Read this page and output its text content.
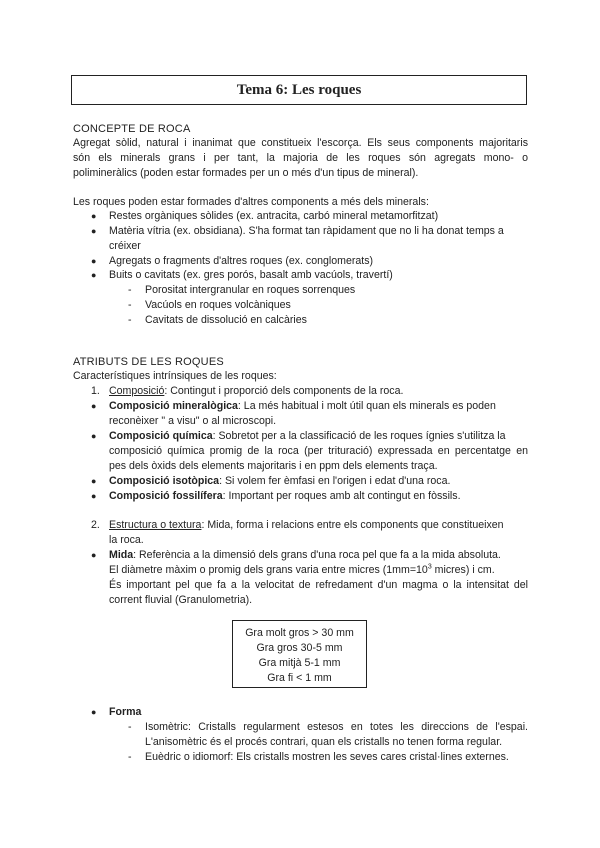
Tema 6: Les roques
CONCEPTE DE ROCA
Agregat sòlid, natural i inanimat que constitueix l'escorça. Els seus components majoritaris
són els minerals grans i per tant, la majoria de les roques són agregats mono- o
polimineràlics (poden estar formades per un o més d'un tipus de mineral).
Les roques poden estar formades d'altres components a més dels minerals:
● Restes orgàniques sòlides (ex. antracita, carbó mineral metamorfitzat)
● Matèria vítria (ex. obsidiana). S'ha format tan ràpidament que no li ha donat temps a
créixer
● Agregats o fragments d'altres roques (ex. conglomerats)
● Buits o cavitats (ex. gres porós, basalt amb vacúols, travertí)
- Porositat intergranular en roques sorrenques
- Vacúols en roques volcàniques
- Cavitats de dissolució en calcàries
ATRIBUTS DE LES ROQUES
Característiques intrínsiques de les roques:
1. Composició: Contingut i proporció dels components de la roca.
● Composició mineralògica: La més habitual i molt útil quan els minerals es poden
reconèixer " a visu" o al microscopi.
● Composició química: Sobretot per a la classificació de les roques ígnies s'utilitza la
composició química promig de la roca (per trituració) expressada en percentatge en
pes dels òxids dels elements majoritaris i en ppm dels elements traça.
● Composició isotòpica: Si volem fer èmfasi en l'origen i edat d'una roca.
● Composició fossilífera: Important per roques amb alt contingut en fòssils.
2. Estructura o textura: Mida, forma i relacions entre els components que constitueixen
la roca.
● Mida: Referència a la dimensió dels grans d'una roca pel que fa a la mida absoluta.
El diàmetre màxim o promig dels grans varia entre micres ($1mm=10^3$ micres) i cm.
És important pel que fa a la velocitat de refredament d'un magma o la intensitat del
corrent fluvial (Granulometria).
Gra molt gros > 30 mm
Gra gros 30-5 mm
Gra mitjà 5-1 mm
Gra fi < 1 mm
● Forma
- Isomètric: Cristalls regularment estesos en totes les direccions de l'espai.
L'anisomètric és el procés contrari, quan els cristalls no tenen forma regular.
- Euèdric o idiomorf: Els cristalls mostren les seves cares cristal·lines externes.
